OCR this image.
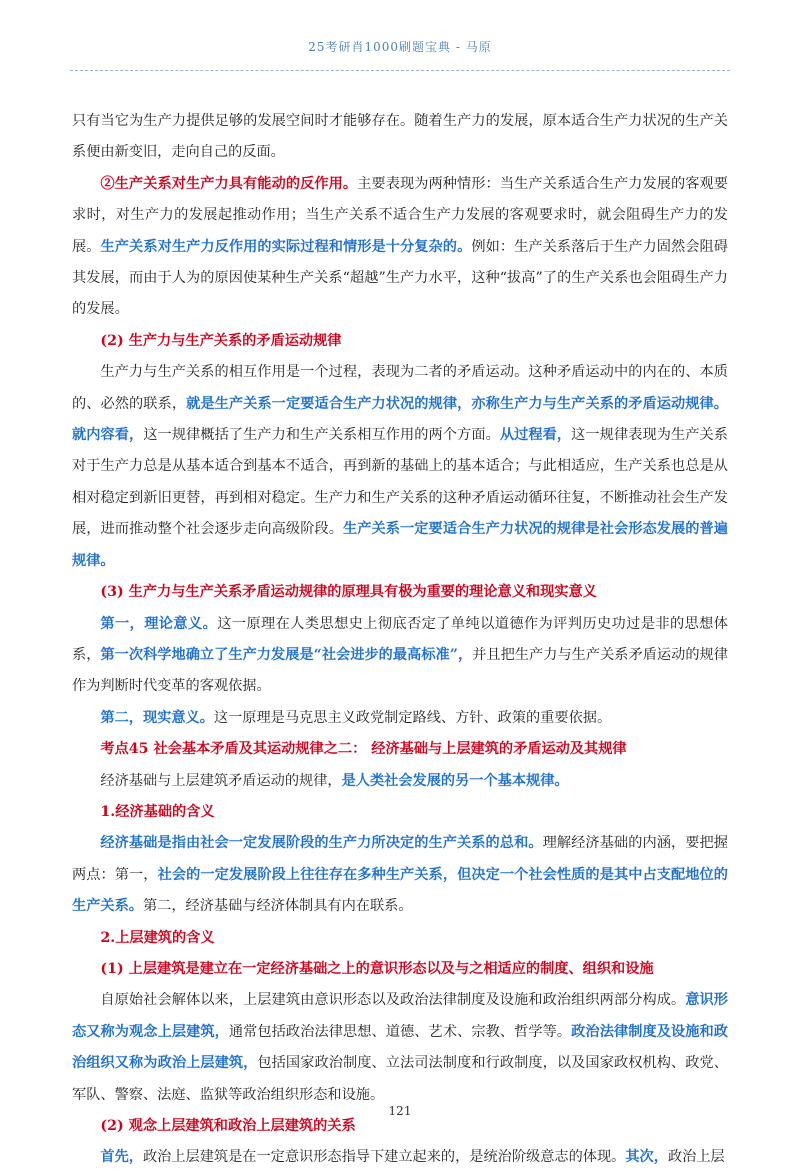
25考研肖1000刷题宝典 - 马原

只有当它为生产力提供足够的发展空间时才能够存在。随着生产力的发展，原本适合生产力状况的生产关系便由新变旧，走向自己的反面。

②生产关系对生产力具有能动的反作用。主要表现为两种情形：当生产关系适合生产力发展的客观要求时，对生产力的发展起推动作用；当生产关系不适合生产力发展的客观要求时，就会阻碍生产力的发展。生产关系对生产力反作用的实际过程和情形是十分复杂的。例如：生产关系落后于生产力固然会阻碍其发展，而由于人为的原因使某种生产关系“超越”生产力水平，这种“拔高”了的生产关系也会阻碍生产力的发展。

(2) 生产力与生产关系的矛盾运动规律

生产力与生产关系的相互作用是一个过程，表现为二者的矛盾运动。这种矛盾运动中的内在的、本质的、必然的联系，就是生产关系一定要适合生产力状况的规律，亦称生产力与生产关系的矛盾运动规律。就内容看，这一规律概括了生产力和生产关系相互作用的两个方面。从过程看，这一规律表现为生产关系对于生产力总是从基本适合到基本不适合，再到新的基础上的基本适合；与此相适应，生产关系也总是从相对稳定到新旧更替，再到相对稳定。生产力和生产关系的这种矛盾运动循环往复，不断推动社会生产发展，进而推动整个社会逐步走向高级阶段。生产关系一定要适合生产力状况的规律是社会形态发展的普遍规律。

(3) 生产力与生产关系矛盾运动规律的原理具有极为重要的理论意义和现实意义

第一，理论意义。这一原理在人类思想史上彻底否定了单纯以道德作为评判历史功过是非的思想体系，第一次科学地确立了生产力发展是“社会进步的最高标准”，并且把生产力与生产关系矛盾运动的规律作为判断时代变革的客观依据。

第二，现实意义。这一原理是马克思主义政党制定路线、方针、政策的重要依据。

考点45 社会基本矛盾及其运动规律之二： 经济基础与上层建筑的矛盾运动及其规律

经济基础与上层建筑矛盾运动的规律，是人类社会发展的另一个基本规律。

1.经济基础的含义

经济基础是指由社会一定发展阶段的生产力所决定的生产关系的总和。理解经济基础的内涵，要把握两点：第一，社会的一定发展阶段上往往存在多种生产关系，但决定一个社会性质的是其中占支配地位的生产关系。第二，经济基础与经济体制具有内在联系。

2.上层建筑的含义

(1) 上层建筑是建立在一定经济基础之上的意识形态以及与之相适应的制度、组织和设施

自原始社会解体以来，上层建筑由意识形态以及政治法律制度及设施和政治组织两部分构成。意识形态又称为观念上层建筑，通常包括政治法律思想、道德、艺术、宗教、哲学等。政治法律制度及设施和政治组织又称为政治上层建筑，包括国家政治制度、立法司法制度和行政制度，以及国家政权机构、政党、军队、警察、法庭、监狱等政治组织形态和设施。

(2) 观念上层建筑和政治上层建筑的关系

首先，政治上层建筑是在一定意识形态指导下建立起来的，是统治阶级意志的体现。其次，政治上层

121
